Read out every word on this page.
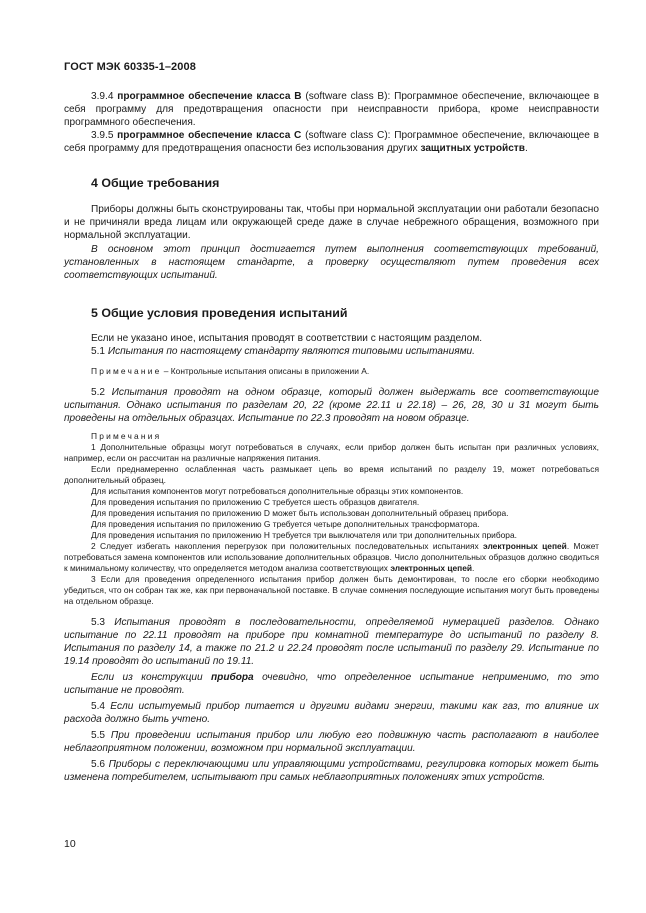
ГОСТ МЭК 60335-1–2008

3.9.4 программное обеспечение класса B (software class B): Программное обеспечение, включающее в себя программу для предотвращения опасности при неисправности прибора, кроме неисправности программного обеспечения.

3.9.5 программное обеспечение класса C (software class C): Программное обеспечение, включающее в себя программу для предотвращения опасности без использования других защитных устройств.

4 Общие требования

Приборы должны быть сконструированы так, чтобы при нормальной эксплуатации они работали безопасно и не причиняли вреда лицам или окружающей среде даже в случае небрежного обращения, возможного при нормальной эксплуатации.

В основном этот принцип достигается путем выполнения соответствующих требований, установленных в настоящем стандарте, а проверку осуществляют путем проведения всех соответствующих испытаний.

5 Общие условия проведения испытаний

Если не указано иное, испытания проводят в соответствии с настоящим разделом.

5.1 Испытания по настоящему стандарту являются типовыми испытаниями.

Примечание – Контрольные испытания описаны в приложении A.

5.2 Испытания проводят на одном образце, который должен выдержать все соответствующие испытания. Однако испытания по разделам 20, 22 (кроме 22.11 и 22.18) – 26, 28, 30 и 31 могут быть проведены на отдельных образцах. Испытание по 22.3 проводят на новом образце.

Примечания

1 Дополнительные образцы могут потребоваться в случаях, если прибор должен быть испытан при различных условиях, например, если он рассчитан на различные напряжения питания.

Если преднамеренно ослабленная часть размыкает цепь во время испытаний по разделу 19, может потребоваться дополнительный образец.

Для испытания компонентов могут потребоваться дополнительные образцы этих компонентов.

Для проведения испытания по приложению C требуется шесть образцов двигателя.

Для проведения испытания по приложению D может быть использован дополнительный образец прибора.

Для проведения испытания по приложению G требуется четыре дополнительных трансформатора.

Для проведения испытания по приложению H требуется три выключателя или три дополнительных прибора.

2 Следует избегать накопления перегрузок при положительных последовательных испытаниях электронных цепей. Может потребоваться замена компонентов или использование дополнительных образцов. Число дополнительных образцов должно сводиться к минимальному количеству, что определяется методом анализа соответствующих электронных цепей.

3 Если для проведения определенного испытания прибор должен быть демонтирован, то после его сборки необходимо убедиться, что он собран так же, как при первоначальной поставке. В случае сомнения последующие испытания могут быть проведены на отдельном образце.

5.3 Испытания проводят в последовательности, определяемой нумерацией разделов. Однако испытание по 22.11 проводят на приборе при комнатной температуре до испытаний по разделу 8. Испытания по разделу 14, а также по 21.2 и 22.24 проводят после испытаний по разделу 29. Испытание по 19.14 проводят до испытаний по 19.11.

Если из конструкции прибора очевидно, что определенное испытание неприменимо, то это испытание не проводят.

5.4 Если испытуемый прибор питается и другими видами энергии, такими как газ, то влияние их расхода должно быть учтено.

5.5 При проведении испытания прибор или любую его подвижную часть располагают в наиболее неблагоприятном положении, возможном при нормальной эксплуатации.

5.6 Приборы с переключающими или управляющими устройствами, регулировка которых может быть изменена потребителем, испытывают при самых неблагоприятных положениях этих устройств.

10
